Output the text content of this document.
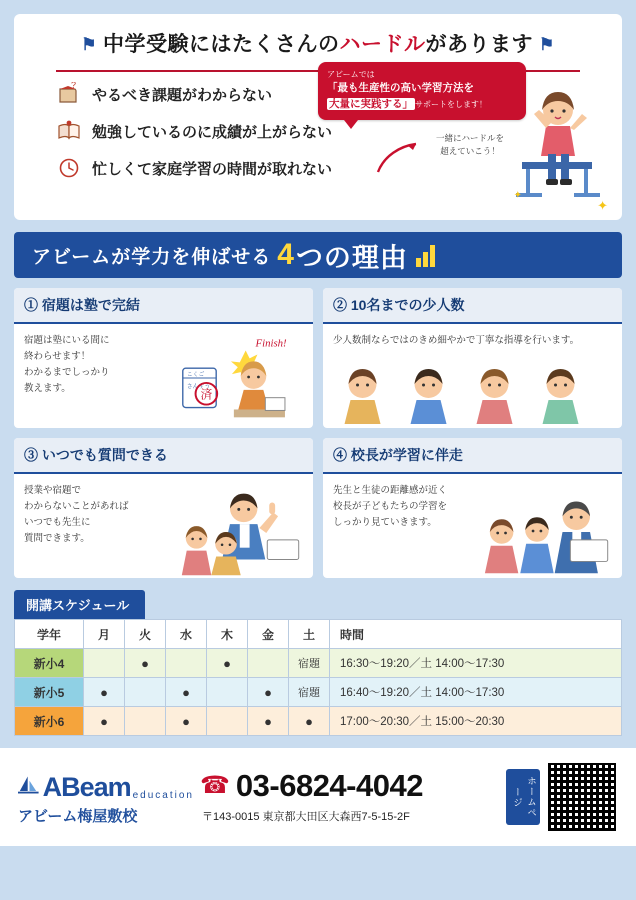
⚑ 中学受験にはたくさんのハードルがあります ⚑
?
やるべき課題がわからない
勉強しているのに成績が上がらない
忙しくて家庭学習の時間が取れない
アビームでは
「最も生産性の高い学習方法を
大量に実践する」 サポートをします！
一緒にハードルを
超えていこう！
✦
✦
アビームが学力を伸ばせる 4 つの理由
① 宿題は塾で完結
宿題は塾にいる間に
終わらせます！
わかるまでしっかり
教えます。
Finish!
こくご
さんすう
済
② 10名までの少人数
少人数制ならではのきめ細やかで丁寧な指導を行います。
③ いつでも質問できる
授業や宿題で
わからないことがあれば
いつでも先生に
質問できます。
④ 校長が学習に伴走
先生と生徒の距離感が近く
校長が子どもたちの学習を
しっかり見ていきます。
開講スケジュール
学年	月	火	水	木	金	土	時間
新小4		●		●		宿題	16:30〜19:20／土 14:00〜17:30
新小5	●		●		●	宿題	16:40〜19:20／土 14:00〜17:30
新小6	●		●		●	●	17:00〜20:30／土 15:00〜20:30
ABeam education
アビーム梅屋敷校
☎ 03-6824-4042
〒143-0015 東京都大田区大森西7-5-15-2F	ホームページ
